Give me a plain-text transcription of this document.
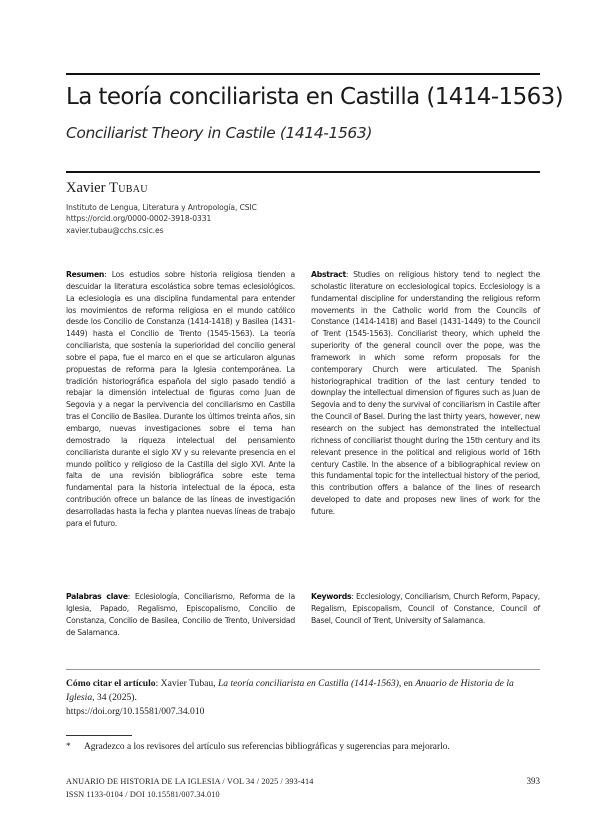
La teoría conciliarista en Castilla (1414-1563)
Conciliarist Theory in Castile (1414-1563)
Xavier Tubau
Instituto de Lengua, Literatura y Antropología, CSIC
https://orcid.org/0000-0002-3918-0331
xavier.tubau@cchs.csic.es
Resumen: Los estudios sobre historia religiosa tienden a descuidar la literatura escolástica sobre temas eclesiológicos. La eclesiología es una disciplina fundamental para entender los movimientos de reforma religiosa en el mundo católico desde los Concilio de Constanza (1414-1418) y Basilea (1431-1449) hasta el Concilio de Trento (1545-1563). La teoría conciliarista, que sostenía la superioridad del concilio general sobre el papa, fue el marco en el que se articularon algunas propuestas de reforma para la Iglesia contemporánea. La tradición historiográfica española del siglo pasado tendió a rebajar la dimensión intelectual de figuras como Juan de Segovia y a negar la pervivencia del conciliarismo en Castilla tras el Concilio de Basilea. Durante los últimos treinta años, sin embargo, nuevas investigaciones sobre el tema han demostrado la riqueza intelectual del pensamiento conciliarista durante el siglo XV y su relevante presencia en el mundo político y religioso de la Castilla del siglo XVI. Ante la falta de una revisión bibliográfica sobre este tema fundamental para la historia intelectual de la época, esta contribución ofrece un balance de las líneas de investigación desarrolladas hasta la fecha y plantea nuevas líneas de trabajo para el futuro.
Abstract: Studies on religious history tend to neglect the scholastic literature on ecclesiological topics. Ecclesiology is a fundamental discipline for understanding the religious reform movements in the Catholic world from the Councils of Constance (1414-1418) and Basel (1431-1449) to the Council of Trent (1545-1563). Conciliarist theory, which upheld the superiority of the general council over the pope, was the framework in which some reform proposals for the contemporary Church were articulated. The Spanish historiographical tradition of the last century tended to downplay the intellectual dimension of figures such as Juan de Segovia and to deny the survival of conciliarism in Castile after the Council of Basel. During the last thirty years, however, new research on the subject has demonstrated the intellectual richness of conciliarist thought during the 15th century and its relevant presence in the political and religious world of 16th century Castile. In the absence of a bibliographical review on this fundamental topic for the intellectual history of the period, this contribution offers a balance of the lines of research developed to date and proposes new lines of work for the future.
Palabras clave: Eclesiología, Conciliarismo, Reforma de la Iglesia, Papado, Regalismo, Episcopalismo, Concilio de Constanza, Concilio de Basilea, Concilio de Trento, Universidad de Salamanca.
Keywords: Ecclesiology, Conciliarism, Church Reform, Papacy, Regalism, Episcopalism, Council of Constance, Council of Basel, Council of Trent, University of Salamanca.
Cómo citar el artículo: Xavier Tubau, La teoría conciliarista en Castilla (1414-1563), en Anuario de Historia de la Iglesia, 34 (2025).
https://doi.org/10.15581/007.34.010
* Agradezco a los revisores del artículo sus referencias bibliográficas y sugerencias para mejorarlo.
ANUARIO DE HISTORIA DE LA IGLESIA / VOL 34 / 2025 / 393-414
ISSN 1133-0104 / DOI 10.15581/007.34.010
393
